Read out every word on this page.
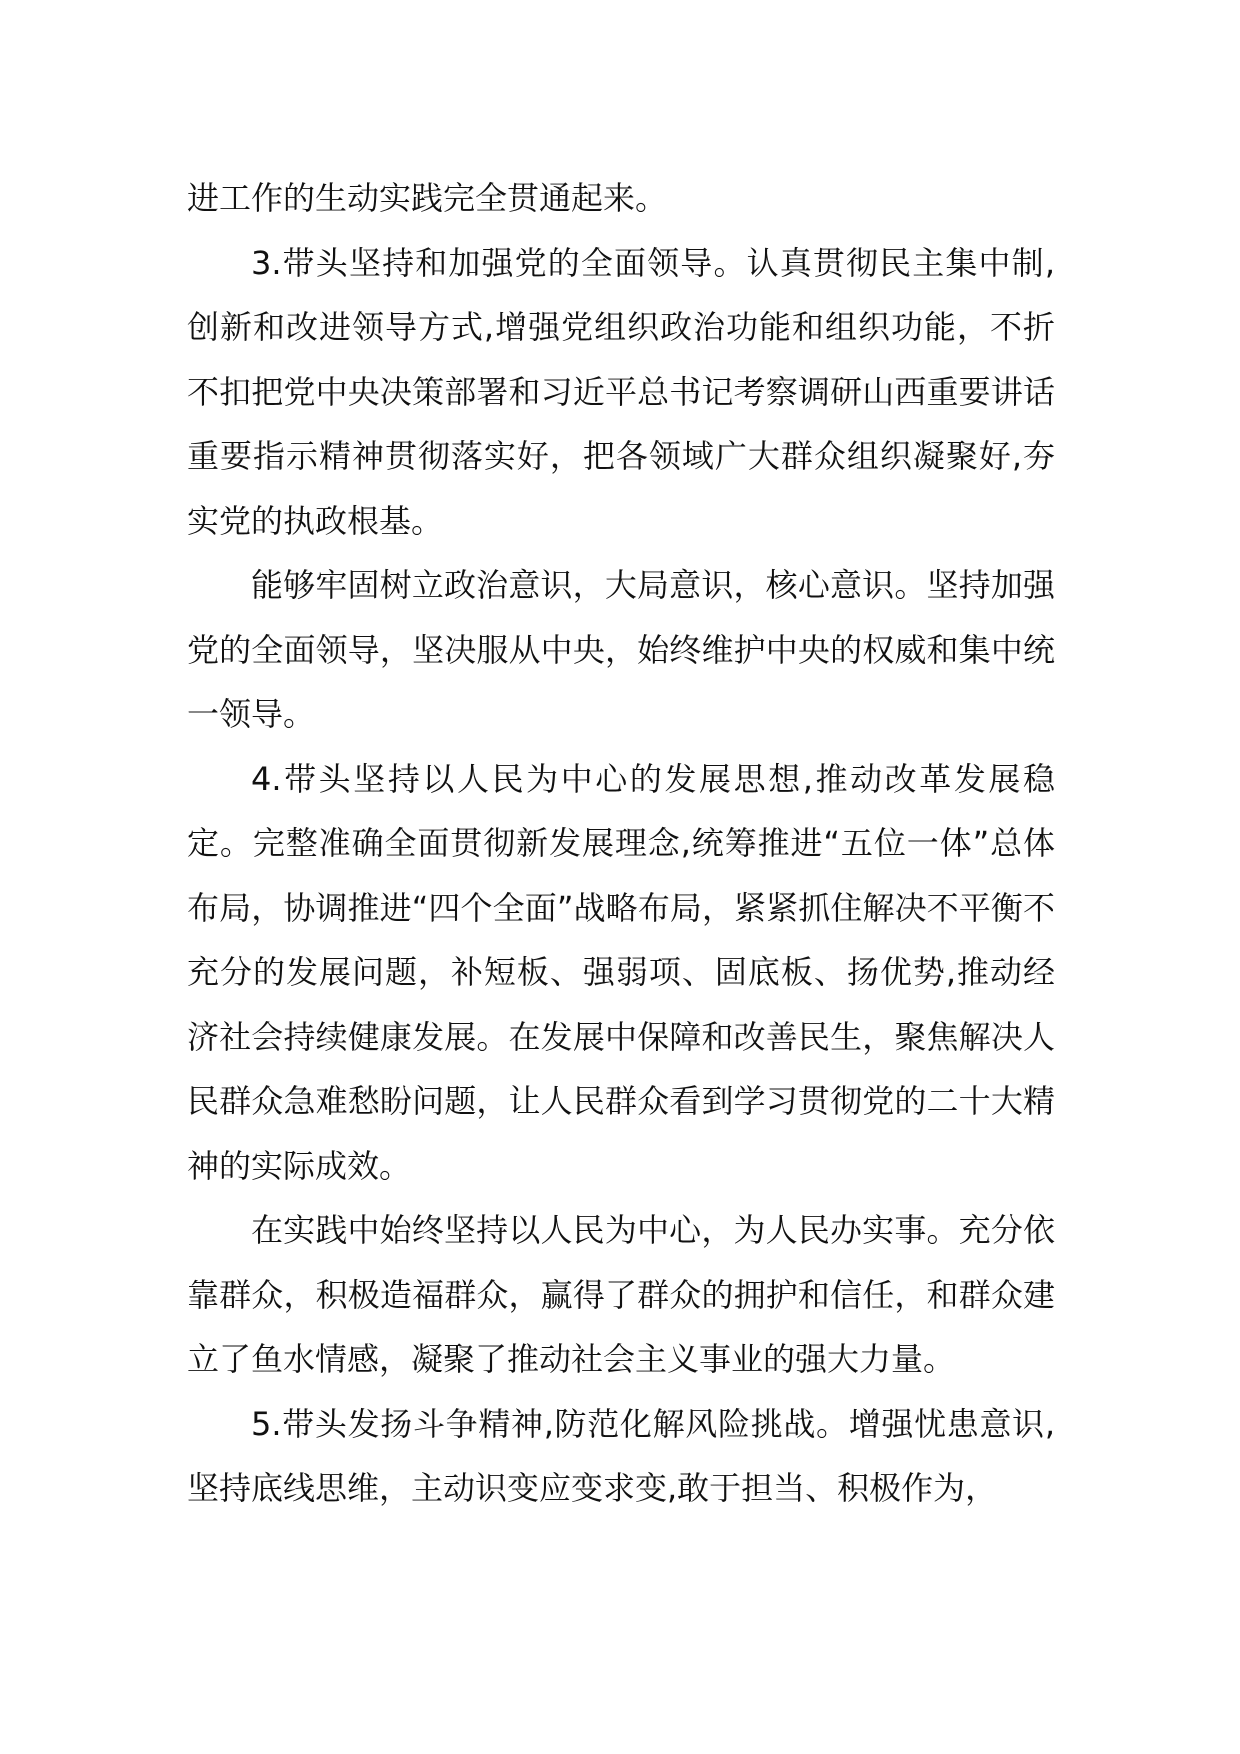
进工作的生动实践完全贯通起来。

3.带头坚持和加强党的全面领导。认真贯彻民主集中制,创新和改进领导方式,增强党组织政治功能和组织功能，不折不扣把党中央决策部署和习近平总书记考察调研山西重要讲话重要指示精神贯彻落实好，把各领域广大群众组织凝聚好,夯实党的执政根基。

能够牢固树立政治意识，大局意识，核心意识。坚持加强党的全面领导，坚决服从中央，始终维护中央的权威和集中统一领导。

4.带头坚持以人民为中心的发展思想,推动改革发展稳定。完整准确全面贯彻新发展理念,统筹推进“五位一体”总体布局，协调推进“四个全面”战略布局，紧紧抓住解决不平衡不充分的发展问题，补短板、强弱项、固底板、扬优势,推动经济社会持续健康发展。在发展中保障和改善民生，聚焦解决人民群众急难愁盼问题，让人民群众看到学习贯彻党的二十大精神的实际成效。

在实践中始终坚持以人民为中心，为人民办实事。充分依靠群众，积极造福群众，赢得了群众的拥护和信任，和群众建立了鱼水情感，凝聚了推动社会主义事业的强大力量。

5.带头发扬斗争精神,防范化解风险挑战。增强忧患意识,坚持底线思维，主动识变应变求变,敢于担当、积极作为，
